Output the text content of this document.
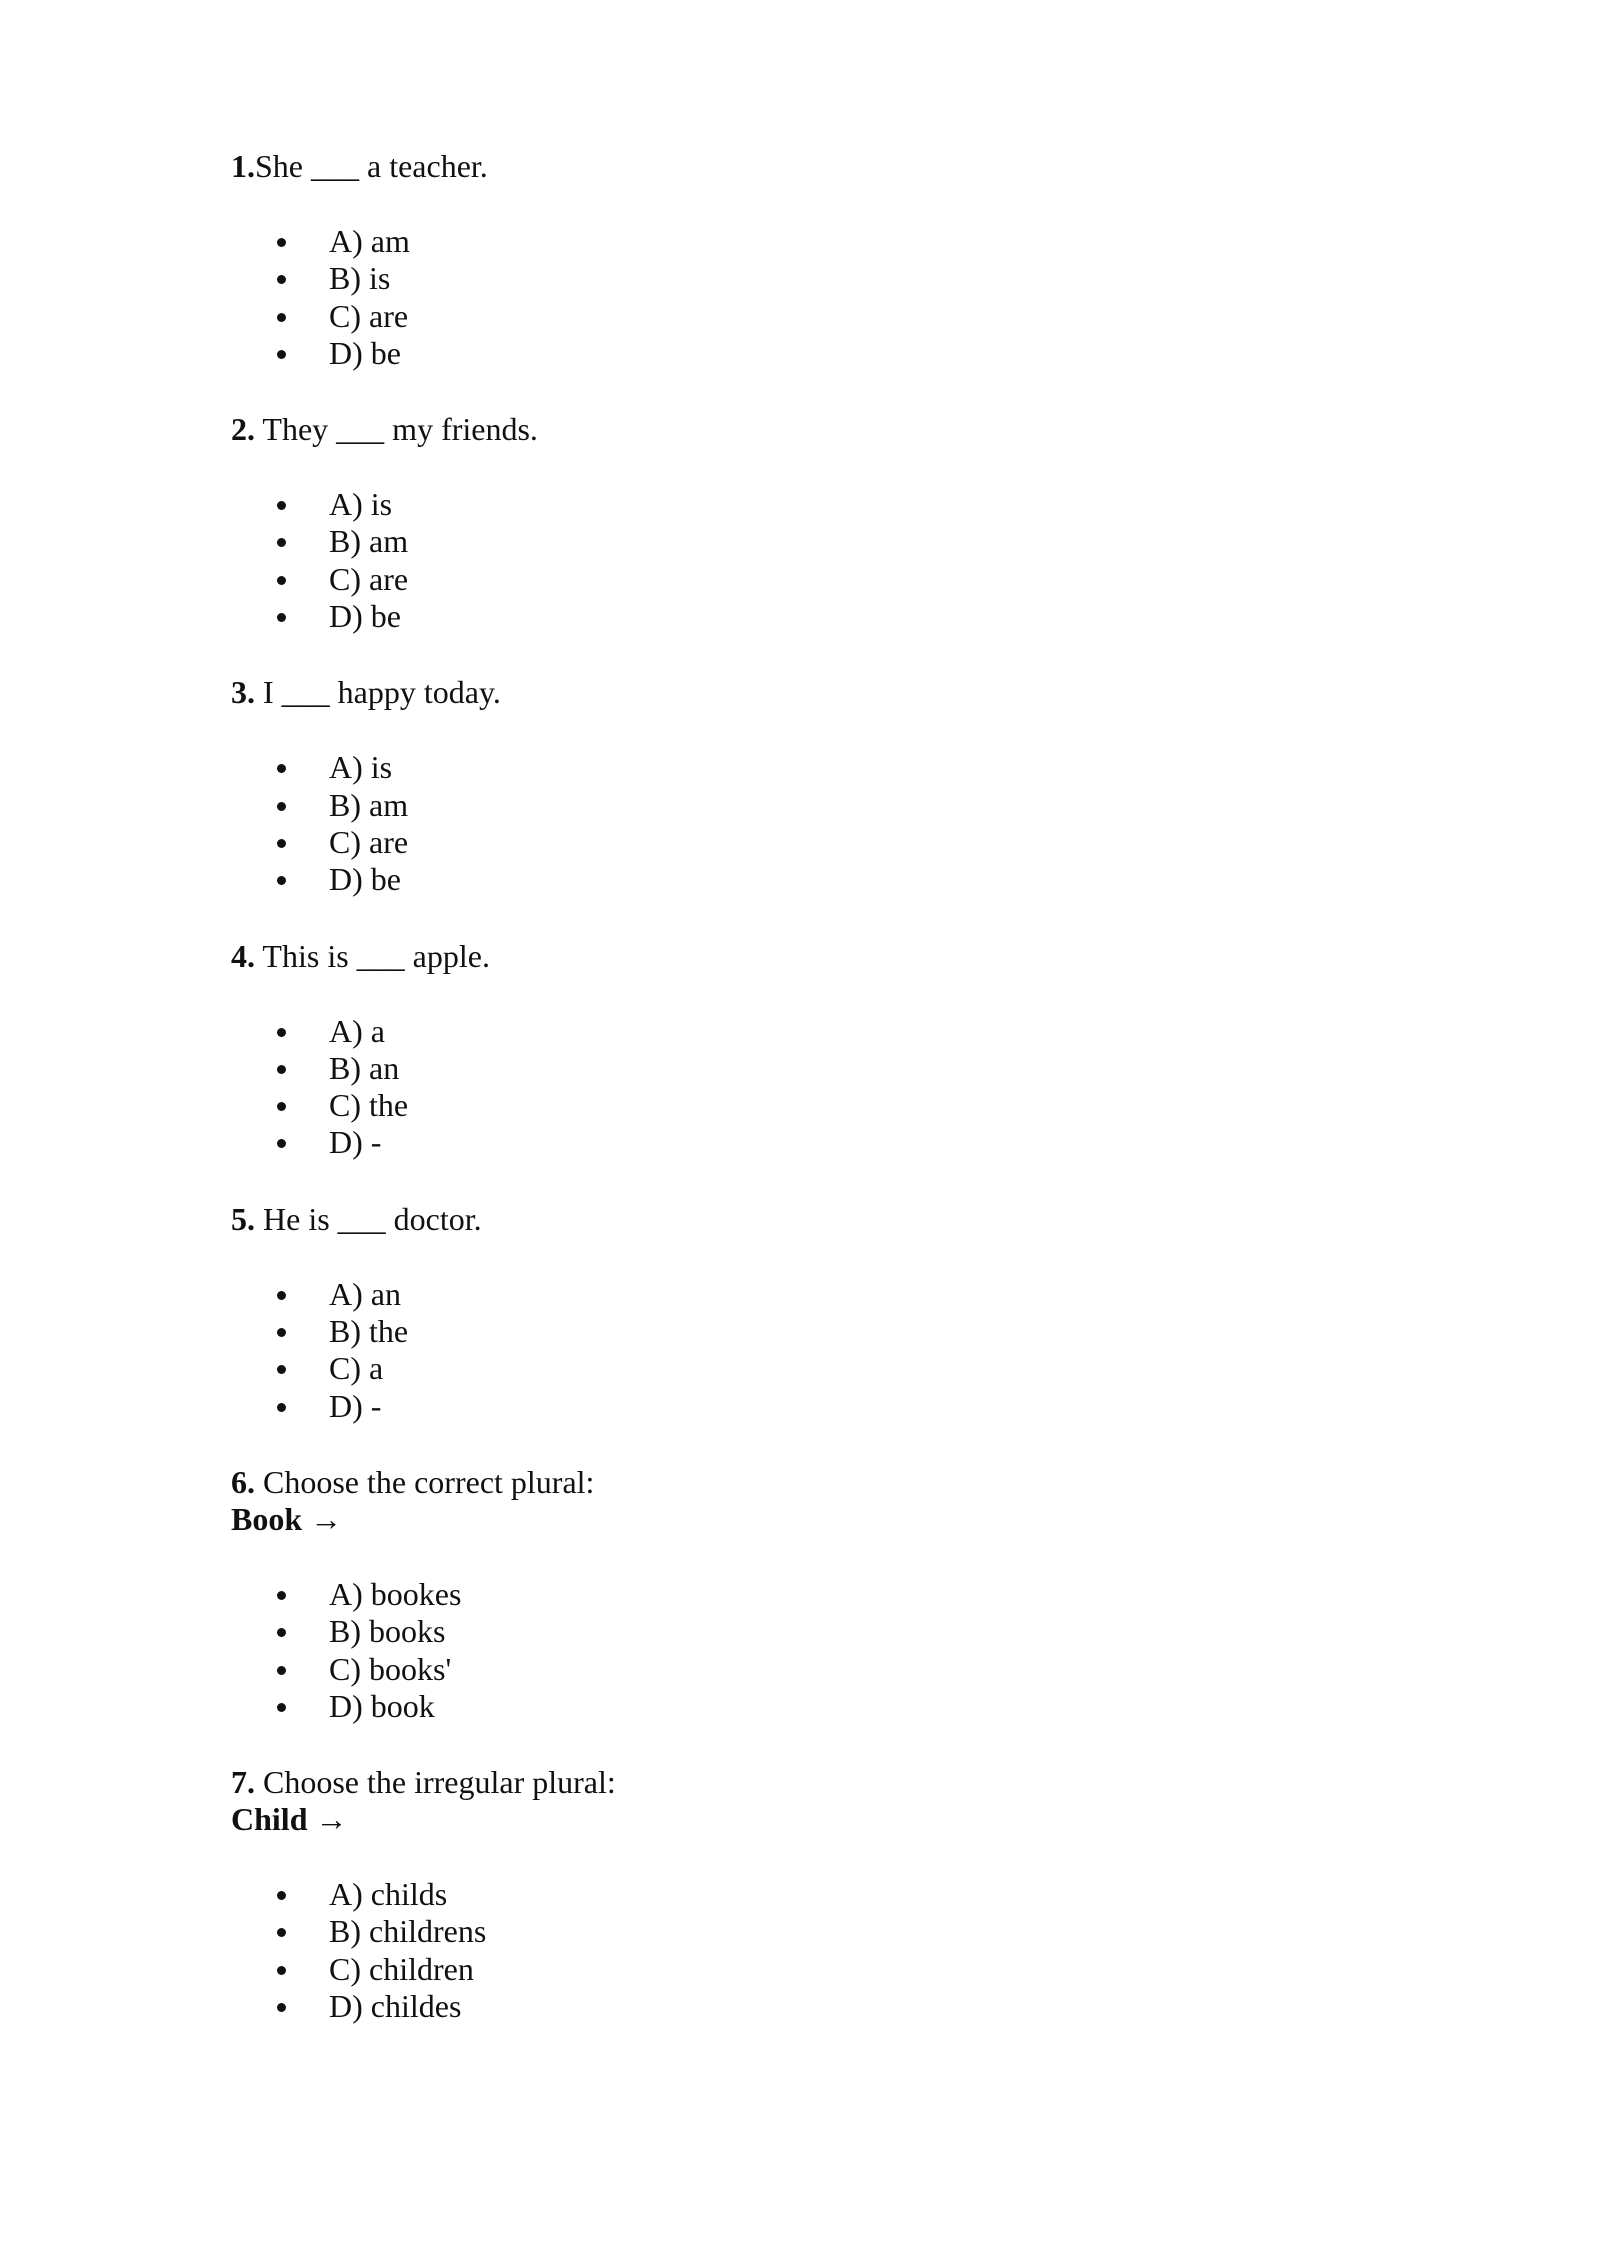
1.She ___ a teacher.

A) am
B) is
C) are
D) be

2. They ___ my friends.

A) is
B) am
C) are
D) be

3. I ___ happy today.

A) is
B) am
C) are
D) be

4. This is ___ apple.

A) a
B) an
C) the
D) -

5. He is ___ doctor.

A) an
B) the
C) a
D) -

6. Choose the correct plural:
Book →

A) bookes
B) books
C) books'
D) book

7. Choose the irregular plural:
Child →

A) childs
B) childrens
C) children
D) childes
